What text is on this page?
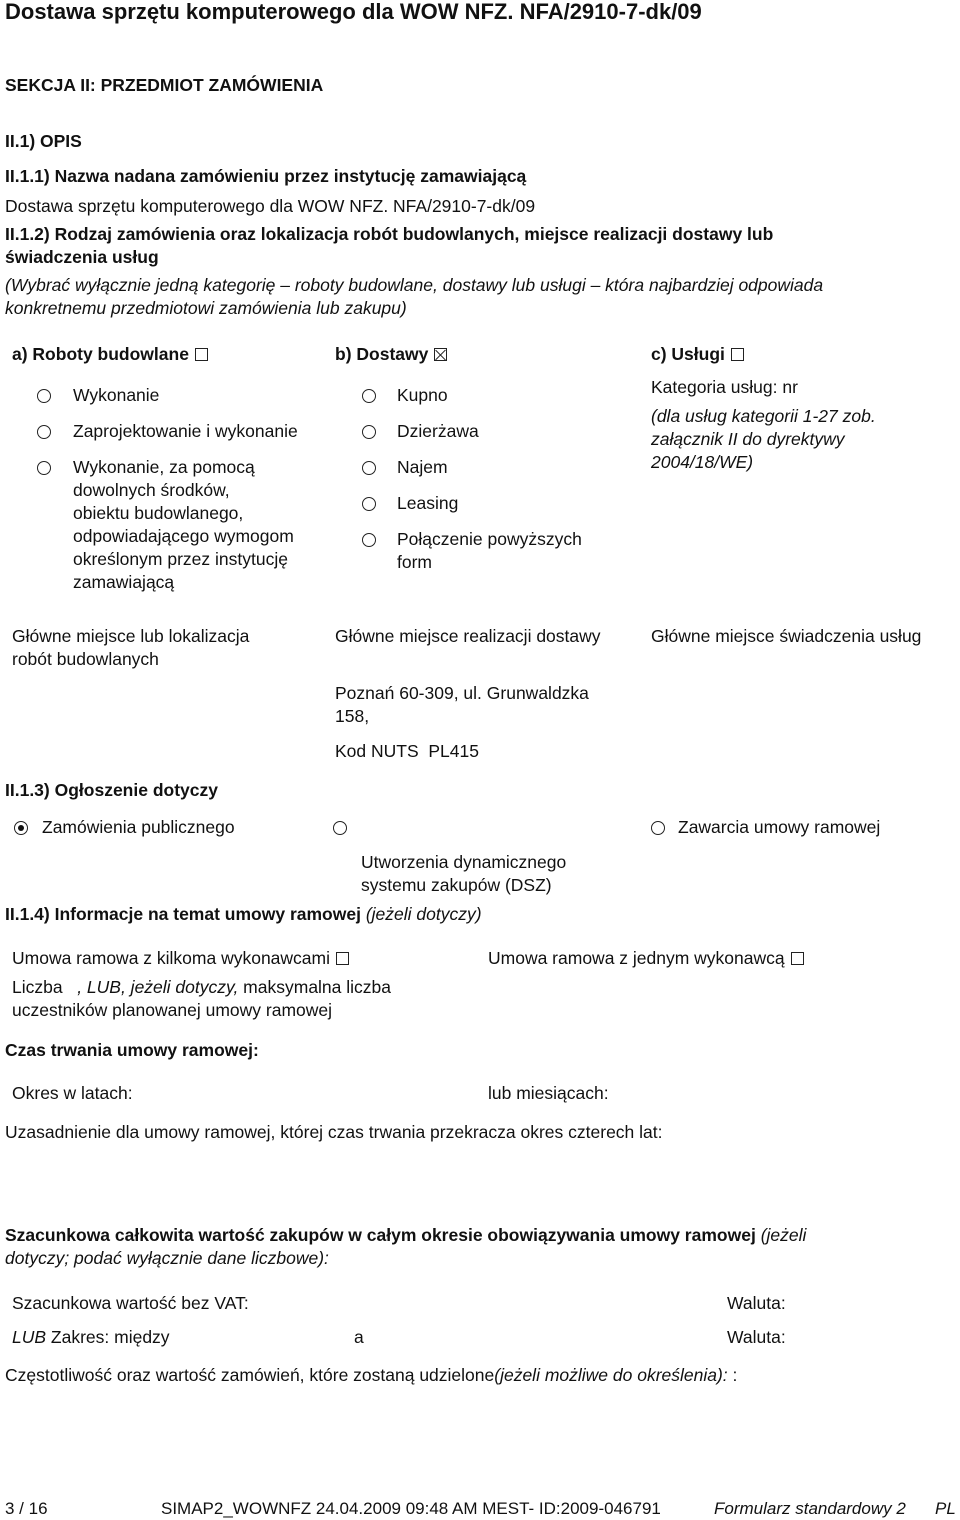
Dostawa sprzętu komputerowego dla WOW NFZ. NFA/2910-7-dk/09
SEKCJA II: PRZEDMIOT ZAMÓWIENIA
II.1) OPIS
II.1.1) Nazwa nadana zamówieniu przez instytucję zamawiającą
Dostawa sprzętu komputerowego dla WOW NFZ. NFA/2910-7-dk/09
II.1.2) Rodzaj zamówienia oraz lokalizacja robót budowlanych, miejsce realizacji dostawy lub
świadczenia usług
(Wybrać wyłącznie jedną kategorię – roboty budowlane, dostawy lub usługi – która najbardziej odpowiada
konkretnemu przedmiotowi zamówienia lub zakupu)
a) Roboty budowlane	b) Dostawy	c) Usługi
Wykonanie
Zaprojektowanie i wykonanie
Wykonanie, za pomocą
dowolnych środków,
obiektu budowlanego,
odpowiadającego wymogom
określonym przez instytucję
zamawiającą
Kupno
Dzierżawa
Najem
Leasing
Połączenie powyższych
form
Kategoria usług: nr
(dla usług kategorii 1-27 zob.
załącznik II do dyrektywy
2004/18/WE)
Główne miejsce lub lokalizacja
robót budowlanych
Główne miejsce realizacji dostawy
Poznań 60-309, ul. Grunwaldzka
158,
Kod NUTS  PL415
Główne miejsce świadczenia usług
II.1.3) Ogłoszenie dotyczy
Zamówienia publicznego
Utworzenia dynamicznego
systemu zakupów (DSZ)
Zawarcia umowy ramowej
II.1.4) Informacje na temat umowy ramowej (jeżeli dotyczy)
Umowa ramowa z kilkoma wykonawcami	Umowa ramowa z jednym wykonawcą
Liczba , LUB, jeżeli dotyczy, maksymalna liczba
uczestników planowanej umowy ramowej
Czas trwania umowy ramowej:
Okres w latach:	lub miesiącach:
Uzasadnienie dla umowy ramowej, której czas trwania przekracza okres czterech lat:
Szacunkowa całkowita wartość zakupów w całym okresie obowiązywania umowy ramowej (jeżeli
dotyczy; podać wyłącznie dane liczbowe):
Szacunkowa wartość bez VAT:	Waluta:
LUB Zakres: między	a	Waluta:
Częstotliwość oraz wartość zamówień, które zostaną udzielone(jeżeli możliwe do określenia): :
3 / 16	SIMAP2_WOWNFZ 24.04.2009 09:48 AM MEST- ID:2009-046791	Formularz standardowy 2 PL
